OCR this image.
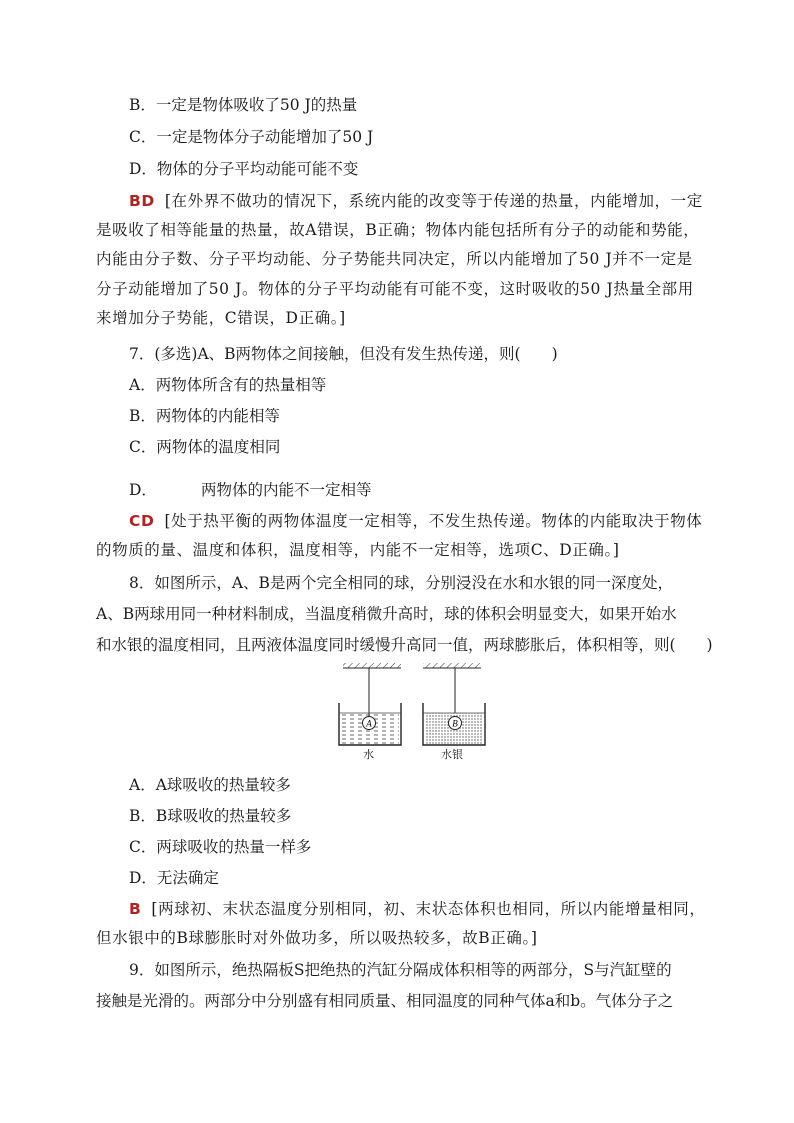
B．一定是物体吸收了50 J的热量
C．一定是物体分子动能增加了50 J
D．物体的分子平均动能可能不变
BD [在外界不做功的情况下，系统内能的改变等于传递的热量，内能增加，一定
是吸收了相等能量的热量，故A错误，B正确；物体内能包括所有分子的动能和势能，
内能由分子数、分子平均动能、分子势能共同决定，所以内能增加了50 J并不一定是
分子动能增加了50 J。物体的分子平均动能有可能不变，这时吸收的50 J热量全部用
来增加分子势能，C错误，D正确。]
7．(多选)A、B两物体之间接触，但没有发生热传递，则(　　)
A．两物体所含有的热量相等
B．两物体的内能相等
C．两物体的温度相同
D．	两物体的内能不一定相等
CD [处于热平衡的两物体温度一定相等，不发生热传递。物体的内能取决于物体
的物质的量、温度和体积，温度相等，内能不一定相等，选项C、D正确。]
8．如图所示，A、B是两个完全相同的球，分别浸没在水和水银的同一深度处，
A、B两球用同一种材料制成，当温度稍微升高时，球的体积会明显变大，如果开始水
和水银的温度相同，且两液体温度同时缓慢升高同一值，两球膨胀后，体积相等，则(　　)
A	B
水	水银
A．A球吸收的热量较多
B．B球吸收的热量较多
C．两球吸收的热量一样多
D．无法确定
B [两球初、末状态温度分别相同，初、末状态体积也相同，所以内能增量相同，
但水银中的B球膨胀时对外做功多，所以吸热较多，故B正确。]
9．如图所示，绝热隔板S把绝热的汽缸分隔成体积相等的两部分，S与汽缸壁的
接触是光滑的。两部分中分别盛有相同质量、相同温度的同种气体a和b。气体分子之
